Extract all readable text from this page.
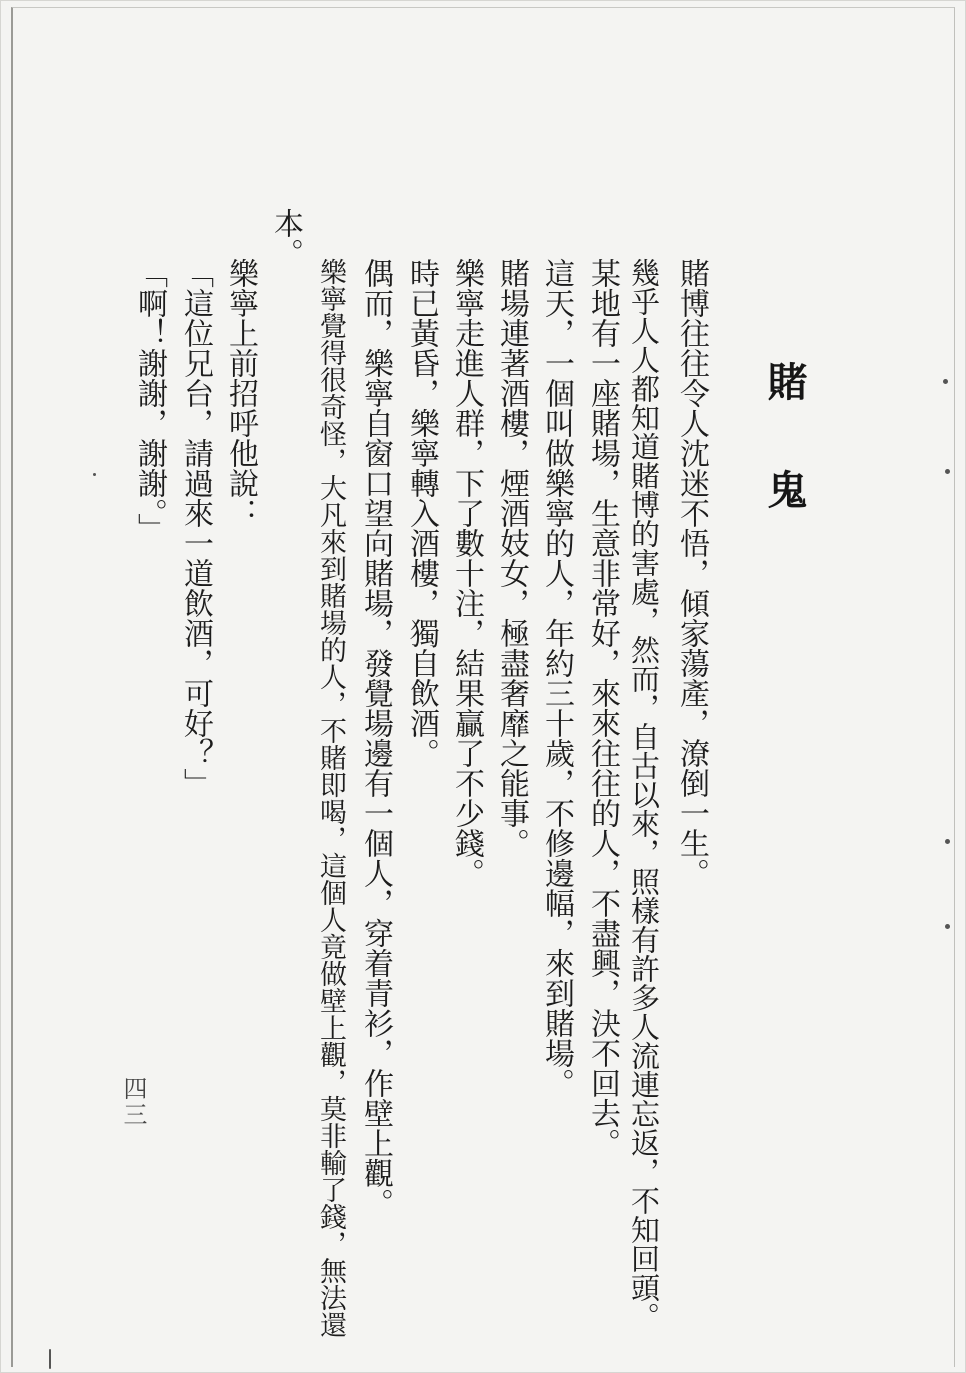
賭鬼
賭博往往令人沈迷不悟，傾家蕩產，潦倒一生。
幾乎人人都知道賭博的害處，然而，自古以來，照樣有許多人流連忘返，不知回頭。
某地有一座賭場，生意非常好，來來往往的人，不盡興，決不回去。
這天，一個叫做樂寧的人，年約三十歲，不修邊幅，來到賭場。
賭場連著酒樓，煙酒妓女，極盡奢靡之能事。
樂寧走進人群，下了數十注，結果贏了不少錢。
時已黃昏，樂寧轉入酒樓，獨自飲酒。
偶而，樂寧自窗口望向賭場，發覺場邊有一個人，穿着青衫，作壁上觀。
樂寧覺得很奇怪，大凡來到賭場的人，不賭即喝，這個人竟做壁上觀，莫非輸了錢，無法還
本。
樂寧上前招呼他說：
「這位兄台，請過來一道飲酒，可好？」
「啊！謝謝，謝謝。」
四三
